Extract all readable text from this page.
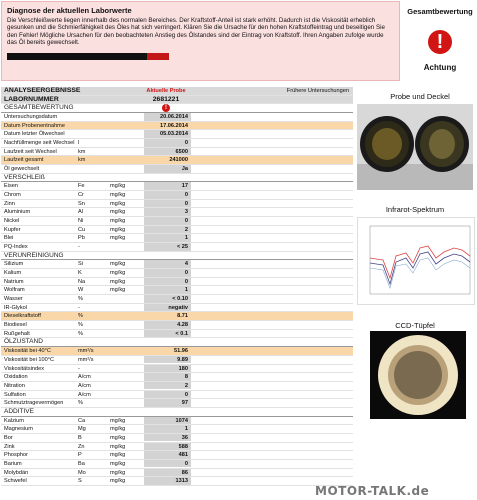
Diagnose der aktuellen Laborwerte
Die Verschleißwerte liegen innerhalb des normalen Bereiches. Der Kraftstoff-Anteil ist stark erhöht. Dadurch ist die Viskosität erheblich gesunken und die Schmierfähigkeit des Öles hat sich verringert. Klären Sie die Ursache für den hohen Kraftstoffeintrag und beseitigen Sie den Fehler! Mögliche Ursachen für den beobachteten Anstieg des Ölstandes sind der Eintrag von Kraftstoff. Ihren Angaben zufolge wurde das Öl bereits gewechselt.
Gesamtbewertung
!
Achtung
ANALYSEERGEBNISSE	Aktuelle Probe	Frühere Untersuchungen
LABORNUMMER	2681221
GESAMTBEWERTUNG	!
Untersuchungsdatum	20.06.2014
Datum Probenentnahme	17.06.2014
Datum letzter Ölwechsel	05.03.2014
Nachfüllmenge seit Wechsel l	0
Laufzeit seit Wechsel	km	6500
Laufzeit gesamt	km	241000
Öl gewechselt	Ja
VERSCHLEIß
Eisen	Fe	mg/kg	17
Chrom	Cr	mg/kg	0
Zinn	Sn	mg/kg	0
Aluminium	Al	mg/kg	3
Nickel	Ni	mg/kg	0
Kupfer	Cu	mg/kg	2
Blei	Pb	mg/kg	1
PQ-Index	-	< 25
VERUNREINIGUNG
Silizium	Si	mg/kg	4
Kalium	K	mg/kg	0
Natrium	Na	mg/kg	0
Wolfram	W	mg/kg	1
Wasser	%	< 0.10
IR-Glykol	-	negativ
Dieselkraftstoff	%	8.71
Biodiesel	%	4.28
Rußgehalt	%	< 0.1
ÖLZUSTAND
Viskosität bei 40°C	mm²/s	51.96
Viskosität bei 100°C	mm²/s	9.89
Viskositätsindex	-	180
Oxidation	A/cm	8
Nitration	A/cm	2
Sulfation	A/cm	0
Schmutztragevermögen	%	97
ADDITIVE
Kalzium	Ca	mg/kg	1074
Magnesium	Mg	mg/kg	1
Bor	B	mg/kg	36
Zink	Zn	mg/kg	588
Phosphor	P	mg/kg	481
Barium	Ba	mg/kg	0
Molybdän	Mo	mg/kg	86
Schwefel	S	mg/kg	1313
Probe und Deckel
Infrarot-Spektrum
CCD-Tüpfel
MOTOR-TALK.de
